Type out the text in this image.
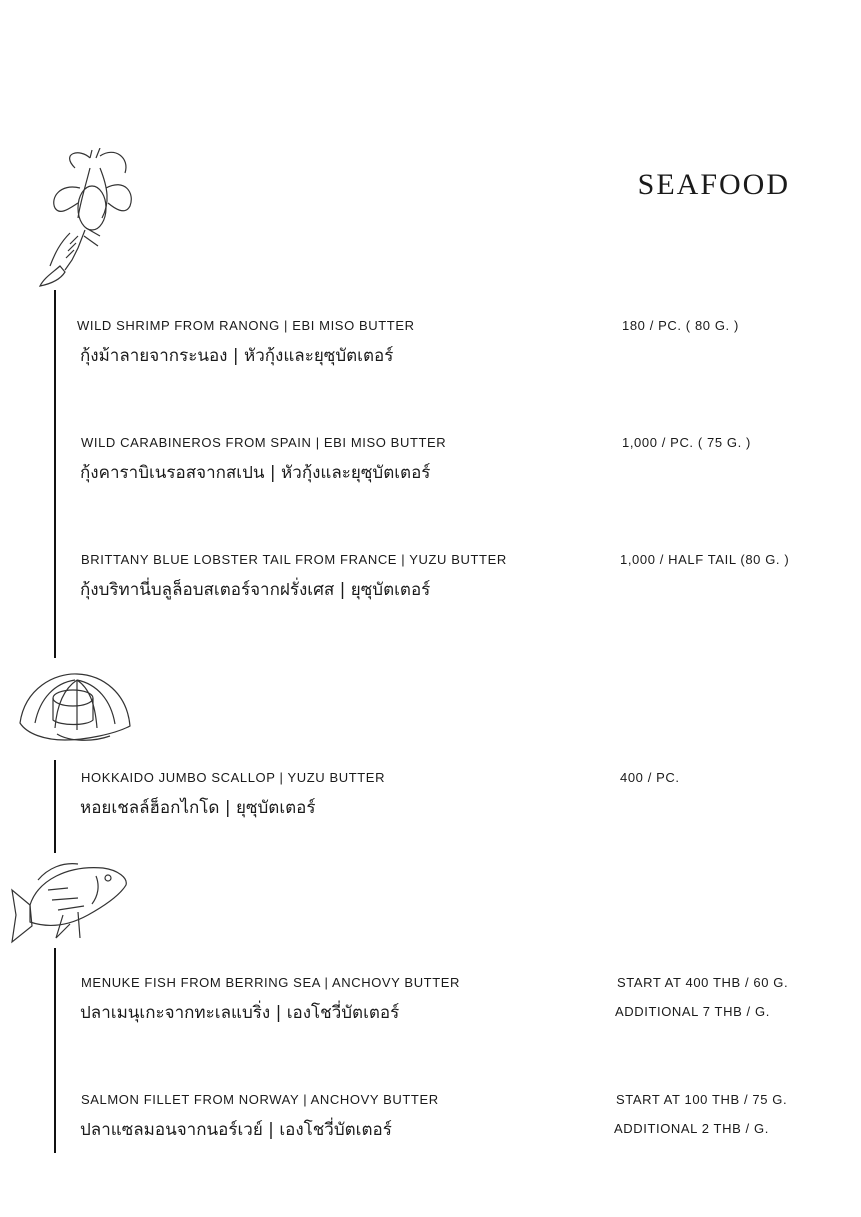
SEAFOOD
WILD SHRIMP FROM RANONG | EBI MISO BUTTER
กุ้งม้าลายจากระนอง | หัวกุ้งและยุซุบัตเตอร์
180 / PC. ( 80 G. )
WILD CARABINEROS FROM SPAIN | EBI MISO BUTTER
กุ้งคาราบิเนรอสจากสเปน | หัวกุ้งและยุซุบัตเตอร์
1,000 / PC. ( 75 G. )
BRITTANY BLUE LOBSTER TAIL FROM FRANCE | YUZU BUTTER
กุ้งบริทานี่บลูล็อบสเตอร์จากฝรั่งเศส | ยุซุบัตเตอร์
1,000 / HALF TAIL (80 G. )
HOKKAIDO JUMBO SCALLOP | YUZU BUTTER
หอยเชลล์ฮ็อกไกโด | ยุซุบัตเตอร์
400 / PC.
MENUKE FISH FROM BERRING SEA | ANCHOVY BUTTER
ปลาเมนุเกะจากทะเลแบริ่ง | เองโชวี่บัตเตอร์
START AT 400 THB / 60 G.
ADDITIONAL 7 THB / G.
SALMON FILLET FROM NORWAY | ANCHOVY BUTTER
ปลาแซลมอนจากนอร์เวย์ | เองโชวี่บัตเตอร์
START AT 100 THB / 75 G.
ADDITIONAL 2 THB / G.
